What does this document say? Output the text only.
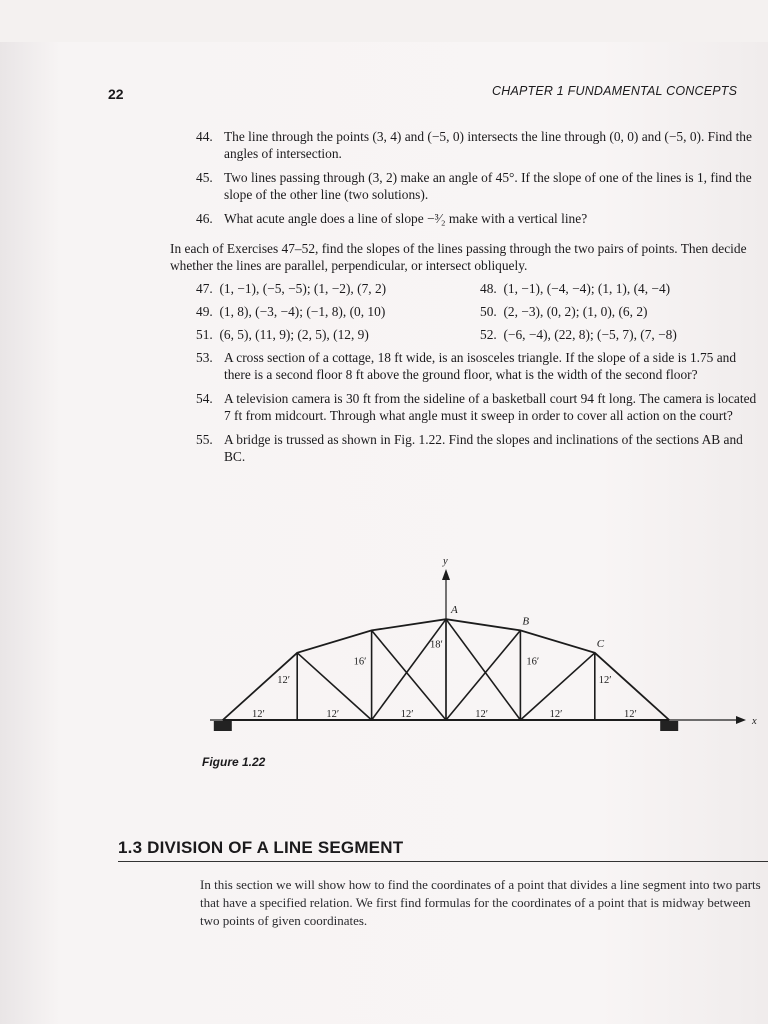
22	CHAPTER 1 FUNDAMENTAL CONCEPTS
44. The line through the points (3, 4) and (−5, 0) intersects the line through (0, 0) and (−5, 0). Find the angles of intersection.
45. Two lines passing through (3, 2) make an angle of 45°. If the slope of one of the lines is 1, find the slope of the other line (two solutions).
46. What acute angle does a line of slope −³⁄₂ make with a vertical line?
In each of Exercises 47–52, find the slopes of the lines passing through the two pairs of points. Then decide whether the lines are parallel, perpendicular, or intersect obliquely.
47. (1, −1), (−5, −5); (1, −2), (7, 2)	48. (1, −1), (−4, −4); (1, 1), (4, −4)
49. (1, 8), (−3, −4); (−1, 8), (0, 10)	50. (2, −3), (0, 2); (1, 0), (6, 2)
51. (6, 5), (11, 9); (2, 5), (12, 9)	52. (−6, −4), (22, 8); (−5, 7), (7, −8)
53. A cross section of a cottage, 18 ft wide, is an isosceles triangle. If the slope of a side is 1.75 and there is a second floor 8 ft above the ground floor, what is the width of the second floor?
54. A television camera is 30 ft from the sideline of a basketball court 94 ft long. The camera is located 7 ft from midcourt. Through what angle must it sweep in order to cover all action on the court?
55. A bridge is trussed as shown in Fig. 1.22. Find the slopes and inclinations of the sections AB and BC.
x
y
A
B
C
12′	12′	12′	12′	12′	12′
12′
16′
18′
16′
12′
Figure 1.22
1.3 DIVISION OF A LINE SEGMENT
In this section we will show how to find the coordinates of a point that divides a line segment into two parts that have a specified relation. We first find formulas for the coordinates of a point that is midway between two points of given coordinates.
